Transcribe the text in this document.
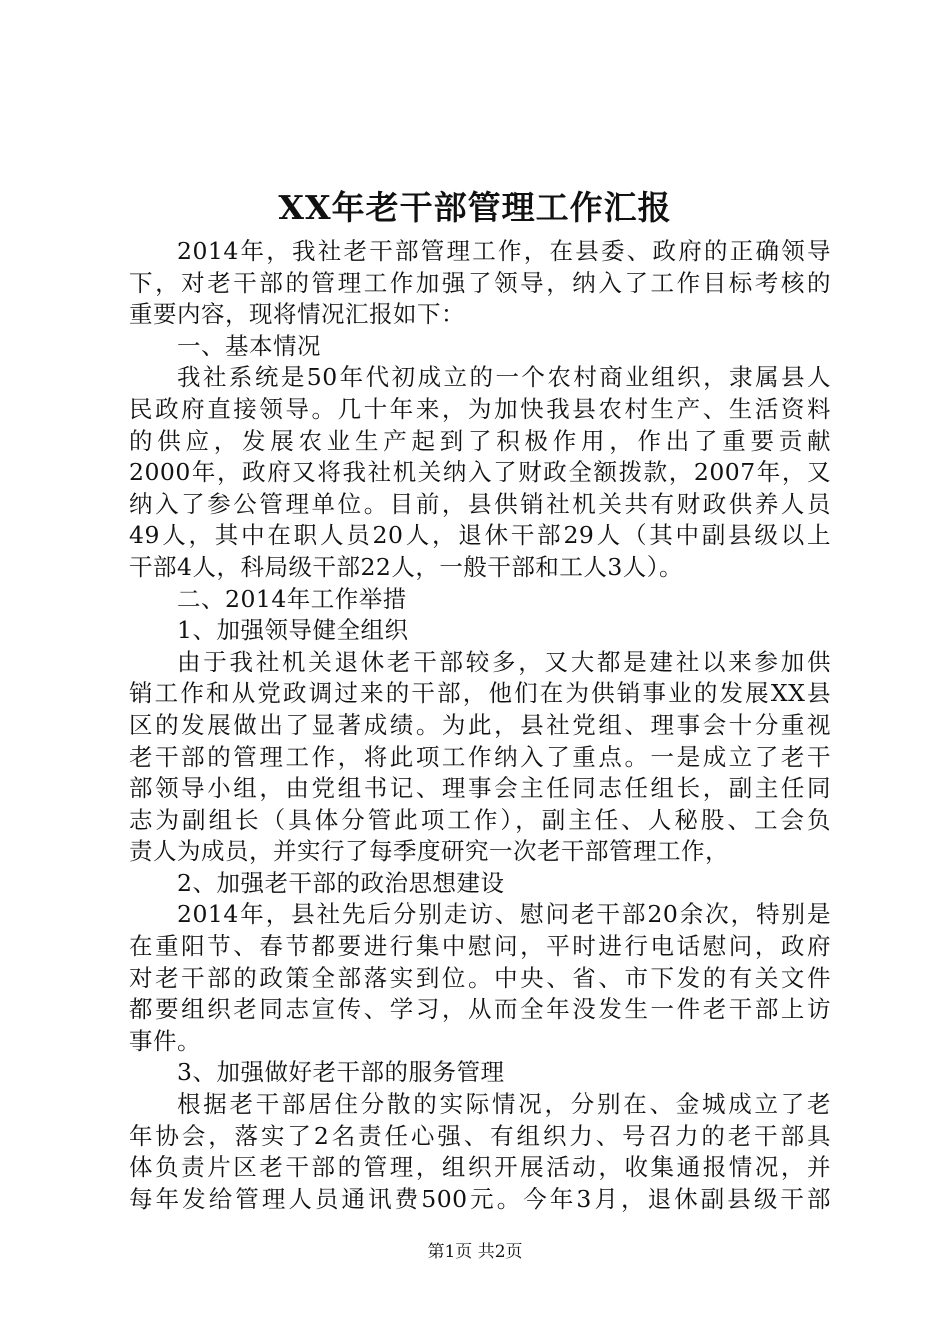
XX年老干部管理工作汇报
2014年，我社老干部管理工作，在县委、政府的正确领导
下，对老干部的管理工作加强了领导，纳入了工作目标考核的
重要内容，现将情况汇报如下：
一、基本情况
我社系统是50年代初成立的一个农村商业组织，隶属县人
民政府直接领导。几十年来，为加快我县农村生产、生活资料
的供应，发展农业生产起到了积极作用，作出了重要贡献
2000年，政府又将我社机关纳入了财政全额拨款，2007年，又
纳入了参公管理单位。目前，县供销社机关共有财政供养人员
49人，其中在职人员20人，退休干部29人（其中副县级以上
干部4人，科局级干部22人，一般干部和工人3人）。
二、2014年工作举措
1、加强领导健全组织
由于我社机关退休老干部较多，又大都是建社以来参加供
销工作和从党政调过来的干部，他们在为供销事业的发展XX县
区的发展做出了显著成绩。为此，县社党组、理事会十分重视
老干部的管理工作，将此项工作纳入了重点。一是成立了老干
部领导小组，由党组书记、理事会主任同志任组长，副主任同
志为副组长（具体分管此项工作），副主任、人秘股、工会负
责人为成员，并实行了每季度研究一次老干部管理工作，
2、加强老干部的政治思想建设
2014年，县社先后分别走访、慰问老干部20余次，特别是
在重阳节、春节都要进行集中慰问，平时进行电话慰问，政府
对老干部的政策全部落实到位。中央、省、市下发的有关文件
都要组织老同志宣传、学习，从而全年没发生一件老干部上访
事件。
3、加强做好老干部的服务管理
根据老干部居住分散的实际情况，分别在、金城成立了老
年协会，落实了2名责任心强、有组织力、号召力的老干部具
体负责片区老干部的管理，组织开展活动，收集通报情况，并
每年发给管理人员通讯费500元。今年3月，退休副县级干部
第1页 共2页
